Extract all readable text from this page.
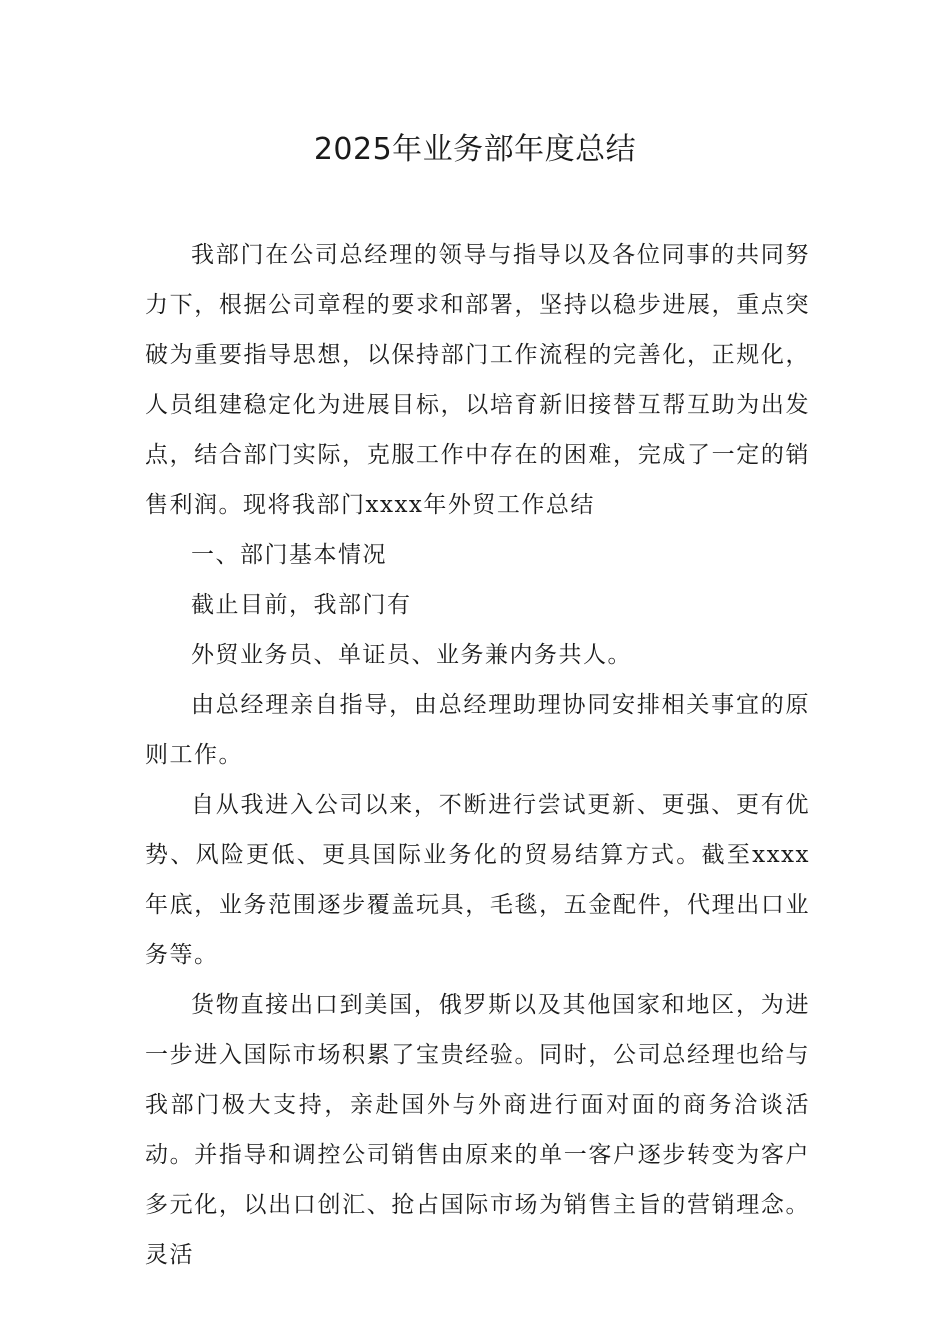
2025年业务部年度总结

我部门在公司总经理的领导与指导以及各位同事的共同努力下，根据公司章程的要求和部署，坚持以稳步进展，重点突破为重要指导思想，以保持部门工作流程的完善化，正规化，人员组建稳定化为进展目标，以培育新旧接替互帮互助为出发点，结合部门实际，克服工作中存在的困难，完成了一定的销售利润。现将我部门xxxx年外贸工作总结

一、部门基本情况

截止目前，我部门有

外贸业务员、单证员、业务兼内务共人。

由总经理亲自指导，由总经理助理协同安排相关事宜的原则工作。

自从我进入公司以来，不断进行尝试更新、更强、更有优势、风险更低、更具国际业务化的贸易结算方式。截至xxxx年底，业务范围逐步覆盖玩具，毛毯，五金配件，代理出口业务等。

货物直接出口到美国，俄罗斯以及其他国家和地区，为进一步进入国际市场积累了宝贵经验。同时，公司总经理也给与我部门极大支持，亲赴国外与外商进行面对面的商务洽谈活动。并指导和调控公司销售由原来的单一客户逐步转变为客户多元化，以出口创汇、抢占国际市场为销售主旨的营销理念。灵活
